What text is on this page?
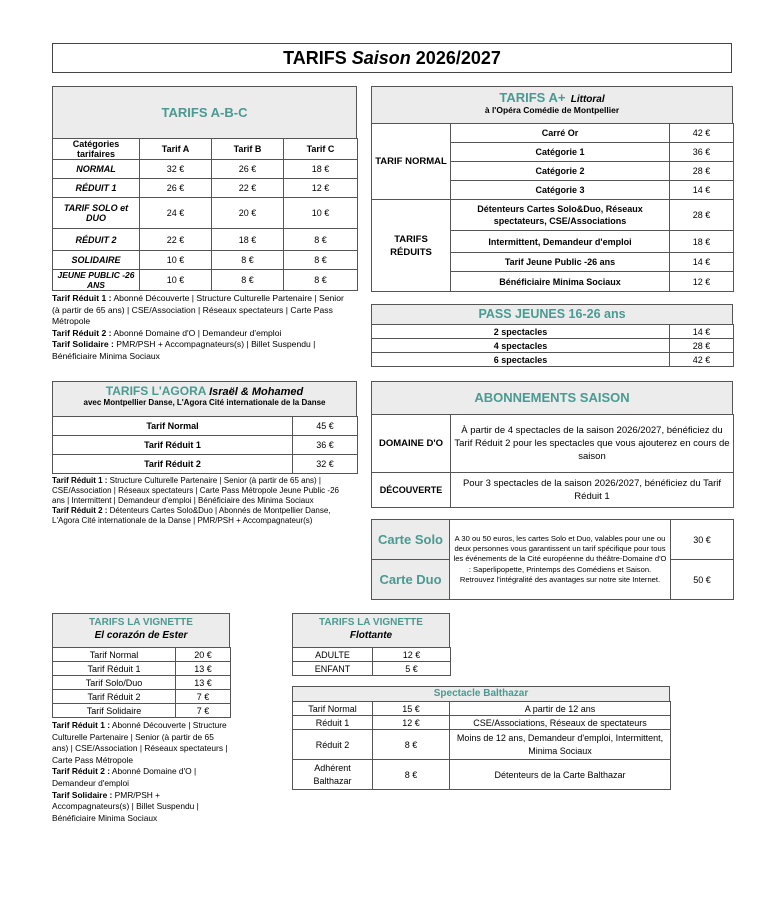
TARIFS Saison 2026/2027
TARIFS A-B-C
Catégories tarifaires	Tarif A	Tarif B	Tarif C
NORMAL	32 €	26 €	18 €
RÉDUIT 1	26 €	22 €	12 €
TARIF SOLO et DUO	24 €	20 €	10 €
RÉDUIT 2	22 €	18 €	8 €
SOLIDAIRE	10 €	8 €	8 €
JEUNE PUBLIC -26 ANS	10 €	8 €	8 €

Tarif Réduit 1 : Abonné Découverte | Structure Culturelle Partenaire | Senior (à partir de 65 ans) | CSE/Association | Réseaux spectateurs | Carte Pass Métropole

Tarif Réduit 2 : Abonné Domaine d'O | Demandeur d'emploi

Tarif Solidaire : PMR/PSH + Accompagnateurs(s) | Billet Suspendu | Bénéficiaire Minima Sociaux

TARIFS A+ Littoral
à l'Opéra Comédie de Montpellier
TARIF NORMAL	Carré Or	42 €
	Catégorie 1	36 €
	Catégorie 2	28 €
	Catégorie 3	14 €
TARIFS RÉDUITS	Détenteurs Cartes Solo&Duo, Réseaux spectateurs, CSE/Associations	28 €
	Intermittent, Demandeur d'emploi	18 €
	Tarif Jeune Public -26 ans	14 €
	Bénéficiaire Minima Sociaux	12 €
PASS JEUNES 16-26 ans
2 spectacles	14 €
4 spectacles	28 €
6 spectacles	42 €
TARIFS L'AGORA Israël & Mohamed
avec Montpellier Danse, L'Agora Cité internationale de la Danse
Tarif Normal	45 €
Tarif Réduit 1	36 €
Tarif Réduit 2	32 €

Tarif Réduit 1 : Structure Culturelle Partenaire | Senior (à partir de 65 ans) | CSE/Association | Réseaux spectateurs | Carte Pass Métropole Jeune Public -26 ans | Intermittent | Demandeur d'emploi | Bénéficiaire des Minima Sociaux

Tarif Réduit 2 : Détenteurs Cartes Solo&Duo | Abonnés de Montpellier Danse, L'Agora Cité internationale de la Danse | PMR/PSH + Accompagnateur(s)

ABONNEMENTS SAISON
DOMAINE D'O	À partir de 4 spectacles de la saison 2026/2027, bénéficiez du Tarif Réduit 2 pour les spectacles que vous ajouterez en cours de saison
DÉCOUVERTE	Pour 3 spectacles de la saison 2026/2027, bénéficiez du Tarif Réduit 1
Carte Solo	A 30 ou 50 euros, les cartes Solo et Duo, valables pour une ou deux personnes vous garantissent un tarif spécifique pour tous les événements de la Cité européenne du théâtre-Domaine d'O : Saperlipopette, Printemps des Comédiens et Saison. Retrouvez l'intégralité des avantages sur notre site Internet.	30 €
Carte Duo		50 €
TARIFS LA VIGNETTE
El corazón de Ester
Tarif Normal	20 €
Tarif Réduit 1	13 €
Tarif Solo/Duo	13 €
Tarif Réduit 2	7 €
Tarif Solidaire	7 €

Tarif Réduit 1 : Abonné Découverte | Structure Culturelle Partenaire | Senior (à partir de 65 ans) | CSE/Association | Réseaux spectateurs | Carte Pass Métropole

Tarif Réduit 2 : Abonné Domaine d'O | Demandeur d'emploi

Tarif Solidaire : PMR/PSH + Accompagnateurs(s) | Billet Suspendu | Bénéficiaire Minima Sociaux

TARIFS LA VIGNETTE
Flottante
ADULTE	12 €
ENFANT	5 €
Spectacle Balthazar
Tarif Normal	15 €	A partir de 12 ans
Réduit 1	12 €	CSE/Associations, Réseaux de spectateurs
Réduit 2	8 €	Moins de 12 ans, Demandeur d'emploi, Intermittent, Minima Sociaux
Adhérent Balthazar	8 €	Détenteurs de la Carte Balthazar
